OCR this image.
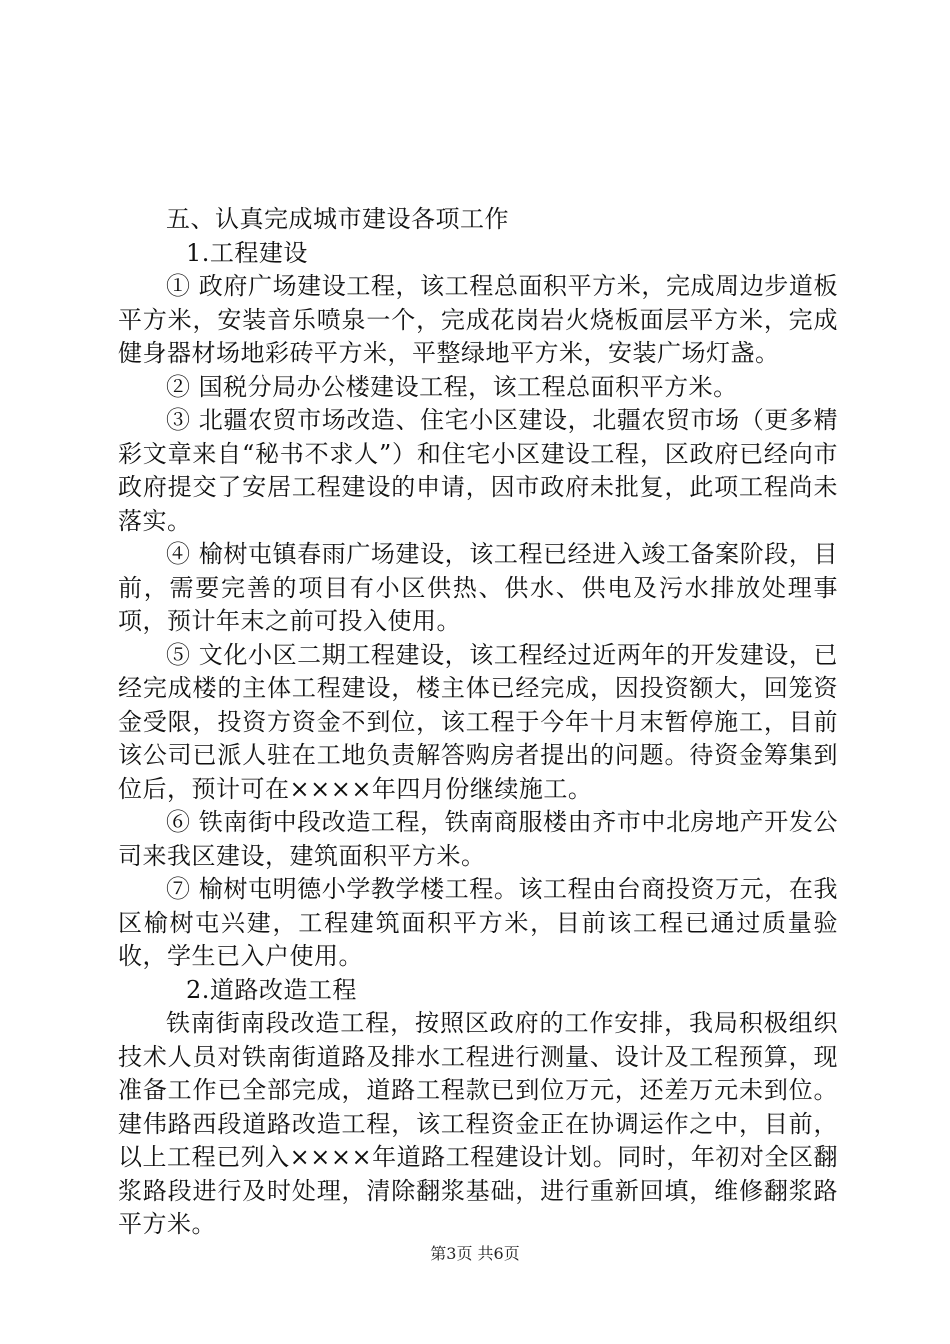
五、认真完成城市建设各项工作

1.工程建设

① 政府广场建设工程，该工程总面积平方米，完成周边步道板平方米，安装音乐喷泉一个，完成花岗岩火烧板面层平方米，完成健身器材场地彩砖平方米，平整绿地平方米，安装广场灯盏。

② 国税分局办公楼建设工程，该工程总面积平方米。

③ 北疆农贸市场改造、住宅小区建设，北疆农贸市场（更多精彩文章来自“秘书不求人”）和住宅小区建设工程，区政府已经向市政府提交了安居工程建设的申请，因市政府未批复，此项工程尚未落实。

④ 榆树屯镇春雨广场建设，该工程已经进入竣工备案阶段，目前，需要完善的项目有小区供热、供水、供电及污水排放处理事项，预计年末之前可投入使用。

⑤ 文化小区二期工程建设，该工程经过近两年的开发建设，已经完成楼的主体工程建设，楼主体已经完成，因投资额大，回笼资金受限，投资方资金不到位，该工程于今年十月末暂停施工，目前该公司已派人驻在工地负责解答购房者提出的问题。待资金筹集到位后，预计可在××××年四月份继续施工。

⑥ 铁南街中段改造工程，铁南商服楼由齐市中北房地产开发公司来我区建设，建筑面积平方米。

⑦ 榆树屯明德小学教学楼工程。该工程由台商投资万元，在我区榆树屯兴建，工程建筑面积平方米，目前该工程已通过质量验收，学生已入户使用。

2.道路改造工程

铁南街南段改造工程，按照区政府的工作安排，我局积极组织技术人员对铁南街道路及排水工程进行测量、设计及工程预算，现准备工作已全部完成，道路工程款已到位万元，还差万元未到位。建伟路西段道路改造工程，该工程资金正在协调运作之中，目前，以上工程已列入××××年道路工程建设计划。同时，年初对全区翻浆路段进行及时处理，清除翻浆基础，进行重新回填，维修翻浆路平方米。

第3页 共6页
